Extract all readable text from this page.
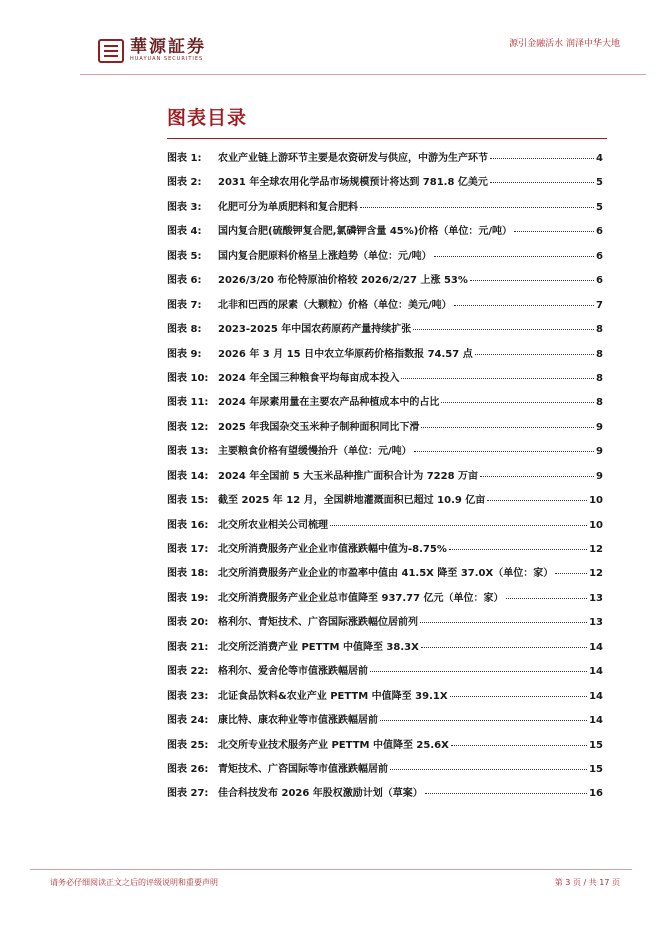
華源証券
HUAYUAN SECURITIES
源引金融活水 润泽中华大地
图表目录
图表 1:	农业产业链上游环节主要是农资研发与供应，中游为生产环节	4
图表 2:	2031 年全球农用化学品市场规模预计将达到 781.8 亿美元	5
图表 3:	化肥可分为单质肥料和复合肥料	5
图表 4:	国内复合肥(硫酸钾复合肥,氯磷钾含量 45%)价格（单位：元/吨）	6
图表 5:	国内复合肥原料价格呈上涨趋势（单位：元/吨）	6
图表 6:	2026/3/20 布伦特原油价格较 2026/2/27 上涨 53%	6
图表 7:	北非和巴西的尿素（大颗粒）价格（单位：美元/吨）	7
图表 8:	2023-2025 年中国农药原药产量持续扩张	8
图表 9:	2026 年 3 月 15 日中农立华原药价格指数报 74.57 点	8
图表 10: 2024 年全国三种粮食平均每亩成本投入	8
图表 11: 2024 年尿素用量在主要农产品种植成本中的占比	8
图表 12: 2025 年我国杂交玉米种子制种面积同比下滑	9
图表 13: 主要粮食价格有望缓慢抬升（单位：元/吨）	9
图表 14: 2024 年全国前 5 大玉米品种推广面积合计为 7228 万亩	9
图表 15: 截至 2025 年 12 月，全国耕地灌溉面积已超过 10.9 亿亩	10
图表 16: 北交所农业相关公司梳理	10
图表 17: 北交所消费服务产业企业市值涨跌幅中值为-8.75%	12
图表 18: 北交所消费服务产业企业的市盈率中值由 41.5X 降至 37.0X（单位：家）	12
图表 19: 北交所消费服务产业企业总市值降至 937.77 亿元（单位：家）	13
图表 20: 格利尔、青矩技术、广咨国际涨跌幅位居前列	13
图表 21: 北交所泛消费产业 PETTM 中值降至 38.3X	14
图表 22: 格利尔、爱舍伦等市值涨跌幅居前	14
图表 23: 北证食品饮料&农业产业 PETTM 中值降至 39.1X	14
图表 24: 康比特、康农种业等市值涨跌幅居前	14
图表 25: 北交所专业技术服务产业 PETTM 中值降至 25.6X	15
图表 26: 青矩技术、广咨国际等市值涨跌幅居前	15
图表 27: 佳合科技发布 2026 年股权激励计划（草案）	16
请务必仔细阅读正文之后的评级说明和重要声明	第 3 页 / 共 17 页
